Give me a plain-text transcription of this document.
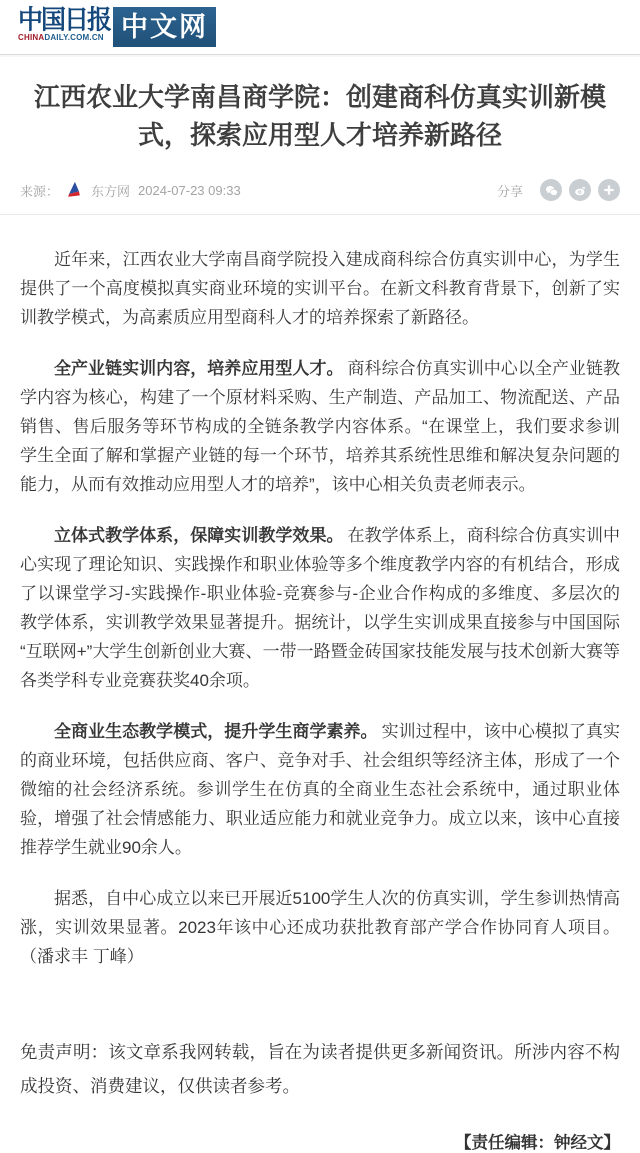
中国日报
CHINADAILY.COM.CN 中文网
江西农业大学南昌商学院：创建商科仿真实训新模式，探索应用型人才培养新路径
来源： 东方网 2024-07-23 09:33	分享

近年来，江西农业大学南昌商学院投入建成商科综合仿真实训中心，为学生提供了一个高度模拟真实商业环境的实训平台。在新文科教育背景下，创新了实训教学模式，为高素质应用型商科人才的培养探索了新路径。

全产业链实训内容，培养应用型人才。 商科综合仿真实训中心以全产业链教学内容为核心，构建了一个原材料采购、生产制造、产品加工、物流配送、产品销售、售后服务等环节构成的全链条教学内容体系。“在课堂上，我们要求参训学生全面了解和掌握产业链的每一个环节，培养其系统性思维和解决复杂问题的能力，从而有效推动应用型人才的培养”，该中心相关负责老师表示。

立体式教学体系，保障实训教学效果。 在教学体系上，商科综合仿真实训中心实现了理论知识、实践操作和职业体验等多个维度教学内容的有机结合，形成了以课堂学习-实践操作-职业体验-竞赛参与-企业合作构成的多维度、多层次的教学体系，实训教学效果显著提升。据统计，以学生实训成果直接参与中国国际“互联网+”大学生创新创业大赛、一带一路暨金砖国家技能发展与技术创新大赛等各类学科专业竞赛获奖40余项。

全商业生态教学模式，提升学生商学素养。 实训过程中，该中心模拟了真实的商业环境，包括供应商、客户、竞争对手、社会组织等经济主体，形成了一个微缩的社会经济系统。参训学生在仿真的全商业生态社会系统中，通过职业体验，增强了社会情感能力、职业适应能力和就业竞争力。成立以来，该中心直接推荐学生就业90余人。

据悉，自中心成立以来已开展近5100学生人次的仿真实训，学生参训热情高涨，实训效果显著。2023年该中心还成功获批教育部产学合作协同育人项目。（潘求丰 丁峰）

免责声明：该文章系我网转载，旨在为读者提供更多新闻资讯。所涉内容不构成投资、消费建议，仅供读者参考。
【责任编辑：钟经文】
